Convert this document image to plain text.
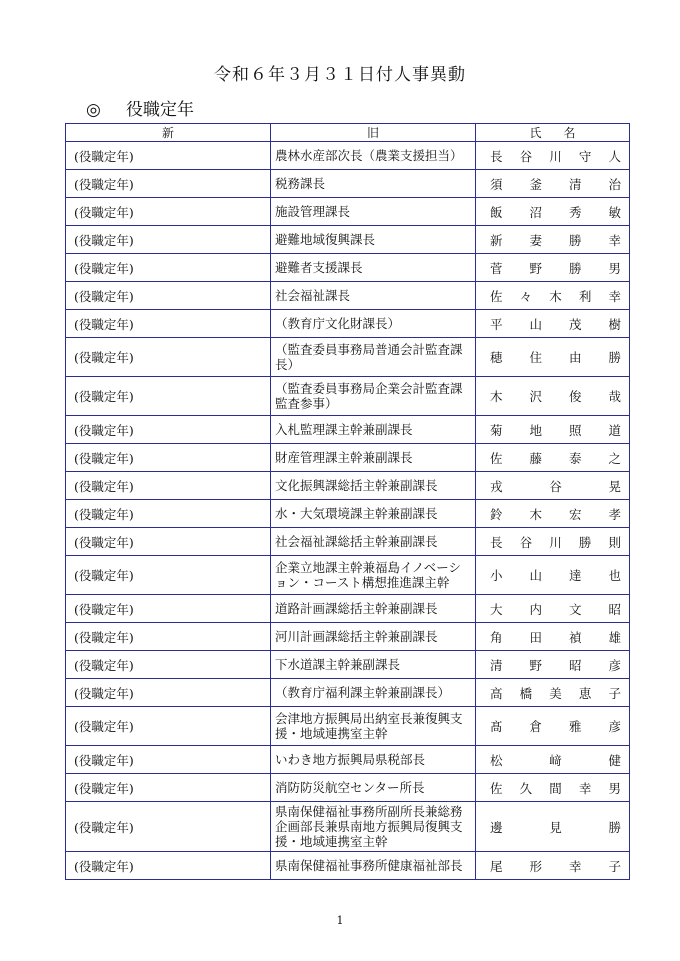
令和６年３月３１日付人事異動
◎ 役職定年
新	旧	氏名
(役職定年)	農林水産部次長（農業支援担当）	長 谷 川 守 人

(役職定年)	税務課長	須 釜 清 治

(役職定年)	施設管理課長	飯 沼 秀 敏

(役職定年)	避難地域復興課長	新 妻 勝 幸

(役職定年)	避難者支援課長	菅 野 勝 男

(役職定年)	社会福祉課長	佐 々 木 利 幸

(役職定年)	（教育庁文化財課長）	平 山 茂 樹

(役職定年)	（監査委員事務局普通会計監査課長）	穂 住 由 勝

(役職定年)	（監査委員事務局企業会計監査課監査参事）	木 沢 俊 哉

(役職定年)	入札監理課主幹兼副課長	菊 地 照 道

(役職定年)	財産管理課主幹兼副課長	佐 藤 泰 之

(役職定年)	文化振興課総括主幹兼副課長	戎 谷 晃

(役職定年)	水・大気環境課主幹兼副課長	鈴 木 宏 孝

(役職定年)	社会福祉課総括主幹兼副課長	長 谷 川 勝 則

(役職定年)	企業立地課主幹兼福島イノベーション・コースト構想推進課主幹	小 山 達 也

(役職定年)	道路計画課総括主幹兼副課長	大 内 文 昭

(役職定年)	河川計画課総括主幹兼副課長	角 田 禎 雄

(役職定年)	下水道課主幹兼副課長	清 野 昭 彦

(役職定年)	（教育庁福利課主幹兼副課長）	高 橋 美 恵 子

(役職定年)	会津地方振興局出納室長兼復興支援・地域連携室主幹	髙 倉 雅 彦

(役職定年)	いわき地方振興局県税部長	松 﨑 健

(役職定年)	消防防災航空センター所長	佐 久 間 幸 男

(役職定年)	県南保健福祉事務所副所長兼総務企画部長兼県南地方振興局復興支援・地域連携室主幹	邊 見 勝

(役職定年)	県南保健福祉事務所健康福祉部長	尾 形 幸 子
1
